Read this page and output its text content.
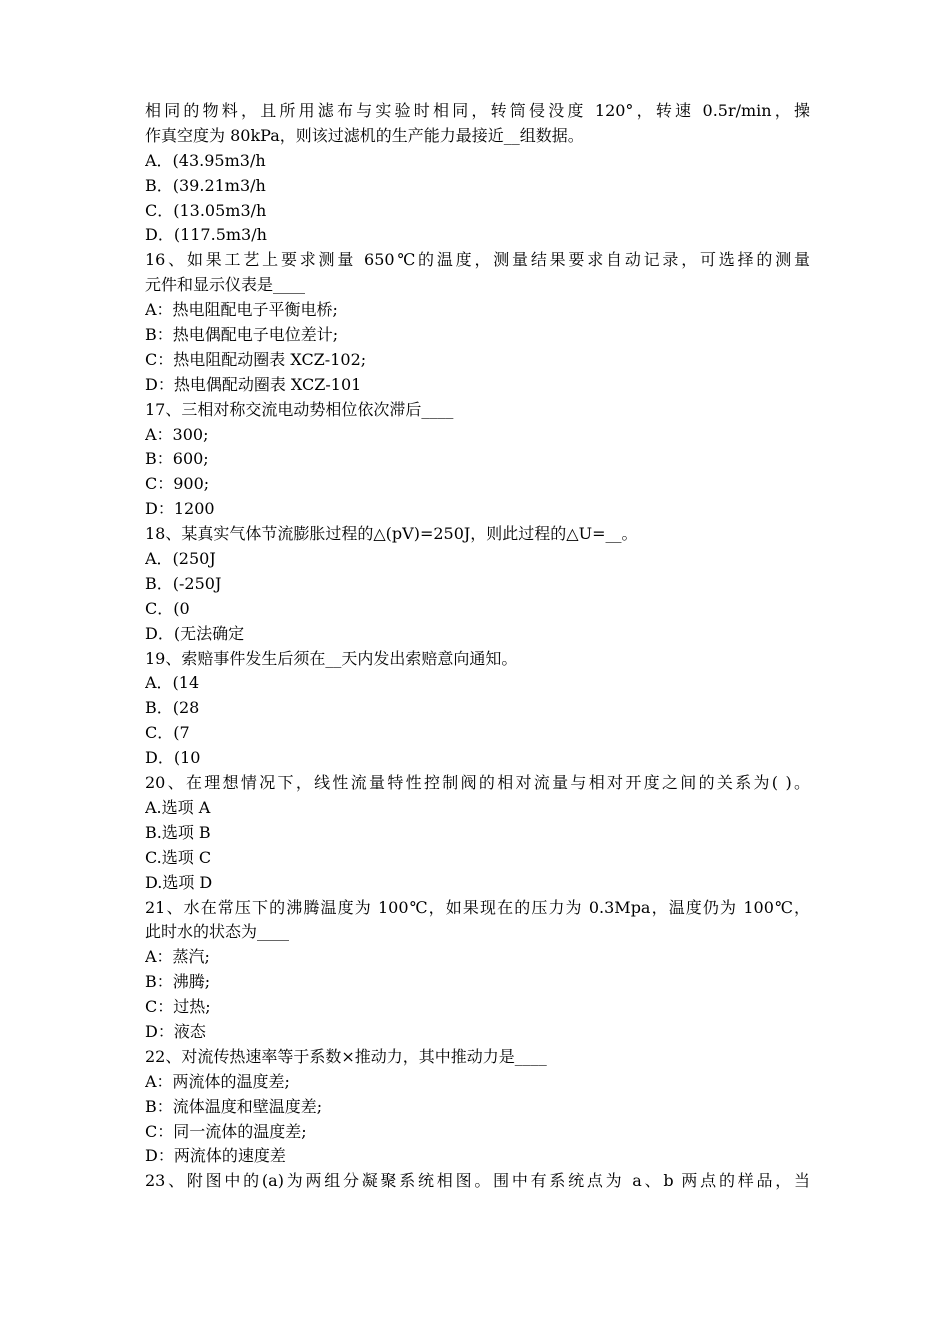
相同的物料，且所用滤布与实验时相同，转筒侵没度 120°，转速 0.5r/min，操
作真空度为 80kPa，则该过滤机的生产能力最接近__组数据。
A．(43.95m3/h
B．(39.21m3/h
C．(13.05m3/h
D．(117.5m3/h
16、如果工艺上要求测量 650℃的温度，测量结果要求自动记录，可选择的测量
元件和显示仪表是____
A：热电阻配电子平衡电桥;
B：热电偶配电子电位差计;
C：热电阻配动圈表 XCZ-102;
D：热电偶配动圈表 XCZ-101
17、三相对称交流电动势相位依次滞后____
A：300;
B：600;
C：900;
D：1200
18、某真实气体节流膨胀过程的△(pV)=250J，则此过程的△U=__。
A．(250J
B．(-250J
C．(0
D．(无法确定
19、索赔事件发生后须在__天内发出索赔意向通知。
A．(14
B．(28
C．(7
D．(10
20、在理想情况下，线性流量特性控制阀的相对流量与相对开度之间的关系为( )。
A.选项 A
B.选项 B
C.选项 C
D.选项 D
21、水在常压下的沸腾温度为 100℃，如果现在的压力为 0.3Mpa，温度仍为 100℃，
此时水的状态为____
A：蒸汽;
B：沸腾;
C：过热;
D：液态
22、对流传热速率等于系数×推动力，其中推动力是____
A：两流体的温度差;
B：流体温度和壁温度差;
C：同一流体的温度差;
D：两流体的速度差
23、附图中的(a)为两组分凝聚系统相图。围中有系统点为 a、b 两点的样品，当
